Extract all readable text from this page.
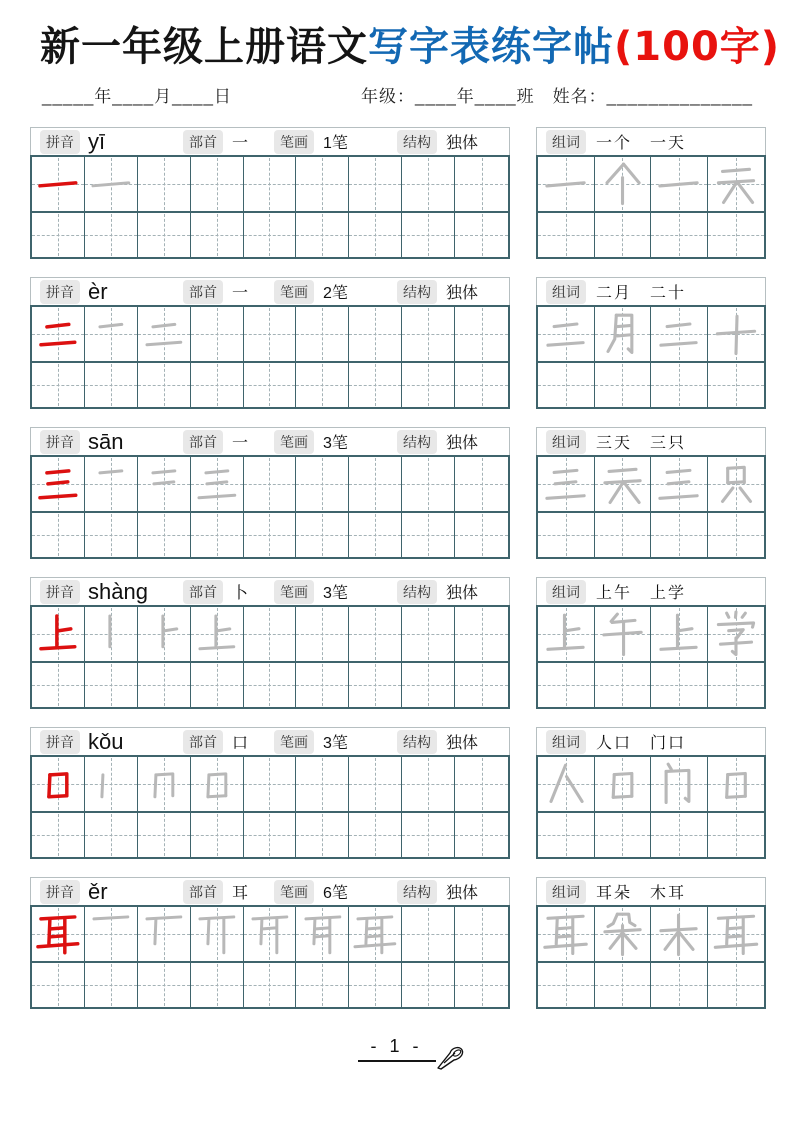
新一年级上册语文写字表练字帖(100字)
_____年____月____日	年级：____年____班　姓名：______________
拼音 yī	部首 一	笔画 1笔	结构 独体	组词	一个　一天
拼音 èr	部首 一	笔画 2笔	结构 独体	组词	二月　二十
拼音 sān	部首 一	笔画 3笔	结构 独体	组词	三天　三只
拼音 shàng	部首 卜	笔画 3笔	结构 独体	组词	上午　上学
拼音 kǒu	部首 口	笔画 3笔	结构 独体	组词	人口　门口
拼音 ěr	部首 耳	笔画 6笔	结构 独体	组词	耳朵　木耳
- 1 -
